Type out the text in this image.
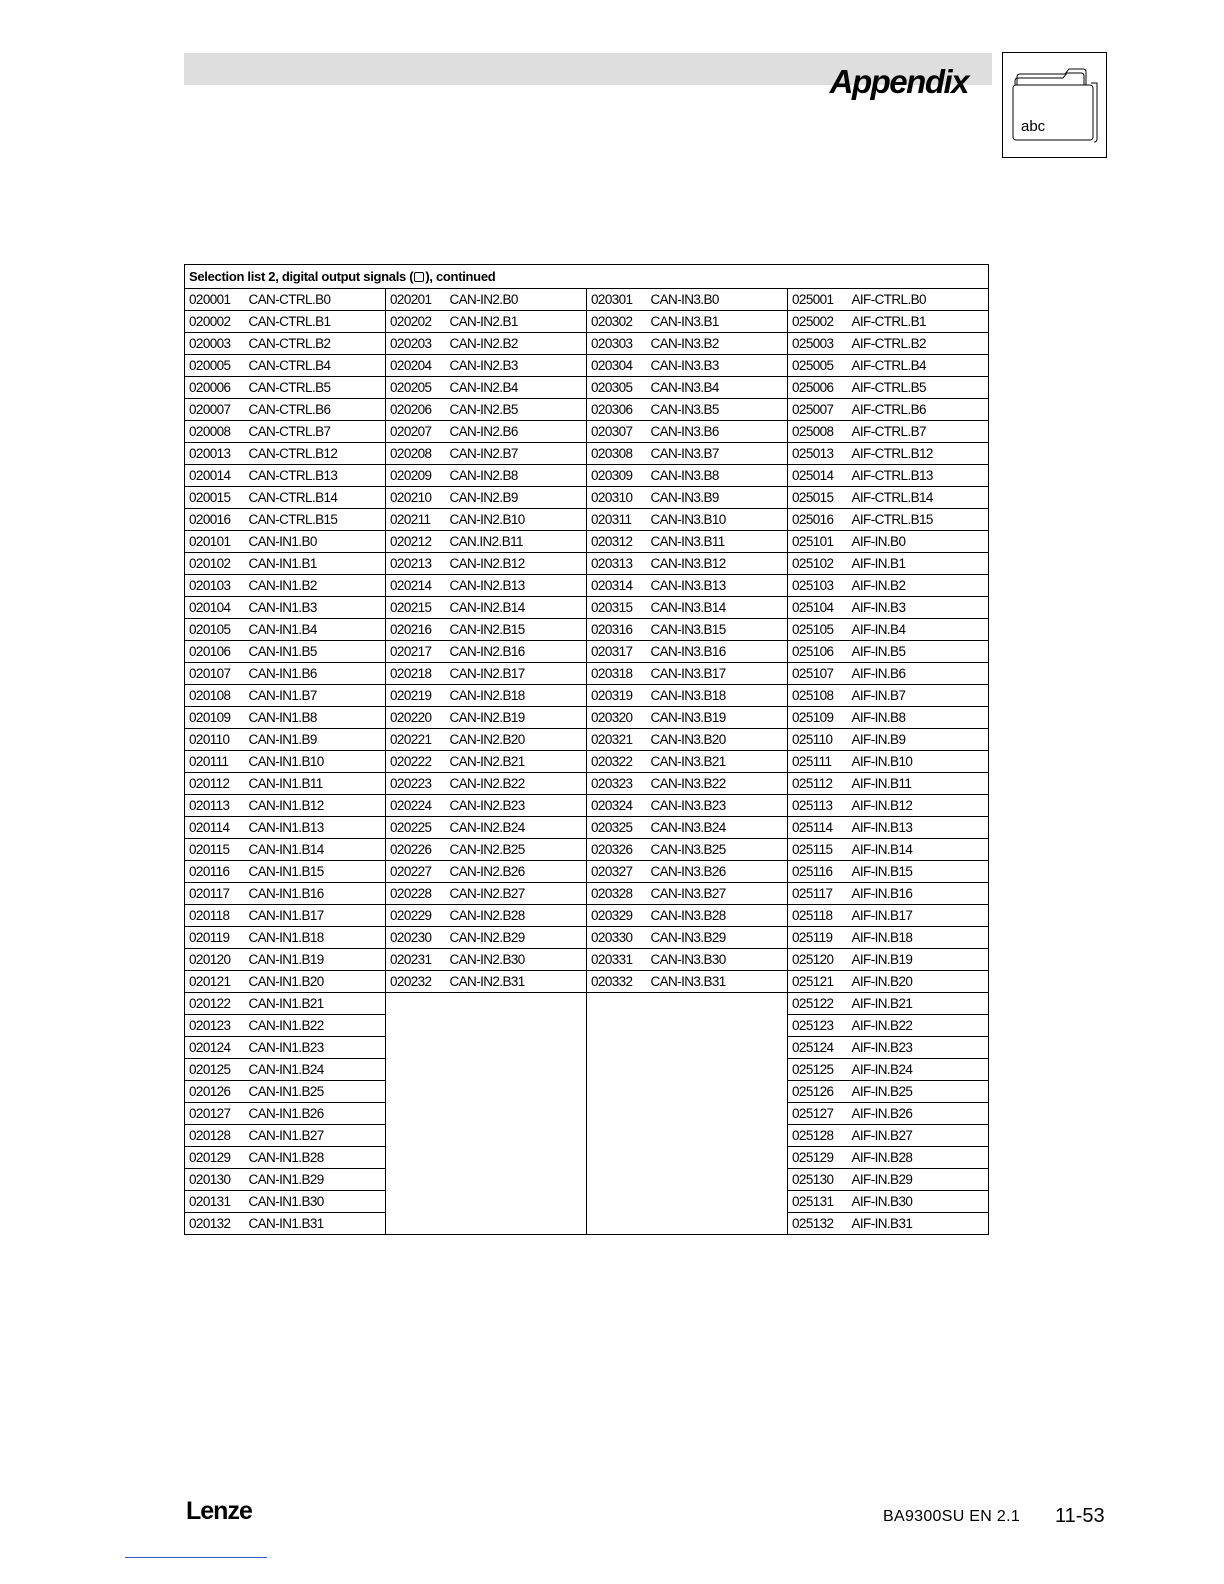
Appendix
abc
Selection list 2, digital output signals ( ), continued							
020001	CAN-CTRL.B0	020201	CAN-IN2.B0	020301	CAN-IN3.B0	025001	AIF-CTRL.B0
020002	CAN-CTRL.B1	020202	CAN-IN2.B1	020302	CAN-IN3.B1	025002	AIF-CTRL.B1
020003	CAN-CTRL.B2	020203	CAN-IN2.B2	020303	CAN-IN3.B2	025003	AIF-CTRL.B2
020005	CAN-CTRL.B4	020204	CAN-IN2.B3	020304	CAN-IN3.B3	025005	AIF-CTRL.B4
020006	CAN-CTRL.B5	020205	CAN-IN2.B4	020305	CAN-IN3.B4	025006	AIF-CTRL.B5
020007	CAN-CTRL.B6	020206	CAN-IN2.B5	020306	CAN-IN3.B5	025007	AIF-CTRL.B6
020008	CAN-CTRL.B7	020207	CAN-IN2.B6	020307	CAN-IN3.B6	025008	AIF-CTRL.B7
020013	CAN-CTRL.B12	020208	CAN-IN2.B7	020308	CAN-IN3.B7	025013	AIF-CTRL.B12
020014	CAN-CTRL.B13	020209	CAN-IN2.B8	020309	CAN-IN3.B8	025014	AIF-CTRL.B13
020015	CAN-CTRL.B14	020210	CAN-IN2.B9	020310	CAN-IN3.B9	025015	AIF-CTRL.B14
020016	CAN-CTRL.B15	020211	CAN-IN2.B10	020311	CAN-IN3.B10	025016	AIF-CTRL.B15
020101	CAN-IN1.B0	020212	CAN.IN2.B11	020312	CAN-IN3.B11	025101	AIF-IN.B0
020102	CAN-IN1.B1	020213	CAN-IN2.B12	020313	CAN-IN3.B12	025102	AIF-IN.B1
020103	CAN-IN1.B2	020214	CAN-IN2.B13	020314	CAN-IN3.B13	025103	AIF-IN.B2
020104	CAN-IN1.B3	020215	CAN-IN2.B14	020315	CAN-IN3.B14	025104	AIF-IN.B3
020105	CAN-IN1.B4	020216	CAN-IN2.B15	020316	CAN-IN3.B15	025105	AIF-IN.B4
020106	CAN-IN1.B5	020217	CAN-IN2.B16	020317	CAN-IN3.B16	025106	AIF-IN.B5
020107	CAN-IN1.B6	020218	CAN-IN2.B17	020318	CAN-IN3.B17	025107	AIF-IN.B6
020108	CAN-IN1.B7	020219	CAN-IN2.B18	020319	CAN-IN3.B18	025108	AIF-IN.B7
020109	CAN-IN1.B8	020220	CAN-IN2.B19	020320	CAN-IN3.B19	025109	AIF-IN.B8
020110	CAN-IN1.B9	020221	CAN-IN2.B20	020321	CAN-IN3.B20	025110	AIF-IN.B9
020111	CAN-IN1.B10	020222	CAN-IN2.B21	020322	CAN-IN3.B21	025111	AIF-IN.B10
020112	CAN-IN1.B11	020223	CAN-IN2.B22	020323	CAN-IN3.B22	025112	AIF-IN.B11
020113	CAN-IN1.B12	020224	CAN-IN2.B23	020324	CAN-IN3.B23	025113	AIF-IN.B12
020114	CAN-IN1.B13	020225	CAN-IN2.B24	020325	CAN-IN3.B24	025114	AIF-IN.B13
020115	CAN-IN1.B14	020226	CAN-IN2.B25	020326	CAN-IN3.B25	025115	AIF-IN.B14
020116	CAN-IN1.B15	020227	CAN-IN2.B26	020327	CAN-IN3.B26	025116	AIF-IN.B15
020117	CAN-IN1.B16	020228	CAN-IN2.B27	020328	CAN-IN3.B27	025117	AIF-IN.B16
020118	CAN-IN1.B17	020229	CAN-IN2.B28	020329	CAN-IN3.B28	025118	AIF-IN.B17
020119	CAN-IN1.B18	020230	CAN-IN2.B29	020330	CAN-IN3.B29	025119	AIF-IN.B18
020120	CAN-IN1.B19	020231	CAN-IN2.B30	020331	CAN-IN3.B30	025120	AIF-IN.B19
020121	CAN-IN1.B20	020232	CAN-IN2.B31	020332	CAN-IN3.B31	025121	AIF-IN.B20
020122	CAN-IN1.B21					025122	AIF-IN.B21
020123	CAN-IN1.B22					025123	AIF-IN.B22
020124	CAN-IN1.B23					025124	AIF-IN.B23
020125	CAN-IN1.B24					025125	AIF-IN.B24
020126	CAN-IN1.B25					025126	AIF-IN.B25
020127	CAN-IN1.B26					025127	AIF-IN.B26
020128	CAN-IN1.B27					025128	AIF-IN.B27
020129	CAN-IN1.B28					025129	AIF-IN.B28
020130	CAN-IN1.B29					025130	AIF-IN.B29
020131	CAN-IN1.B30					025131	AIF-IN.B30
020132	CAN-IN1.B31					025132	AIF-IN.B31
Lenze	BA9300SU EN 2.1 11-53
